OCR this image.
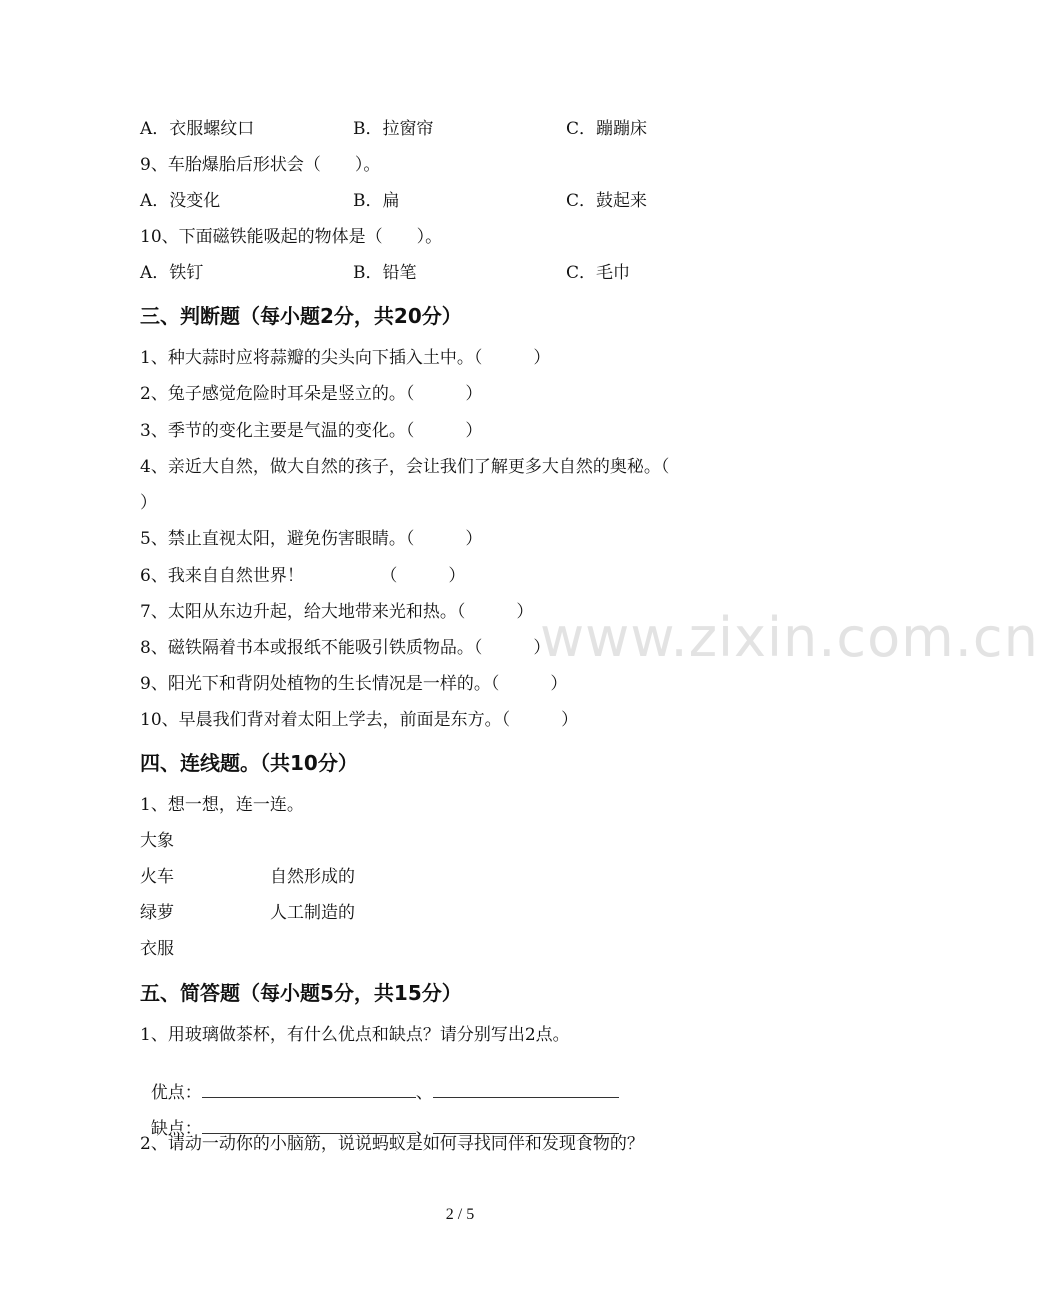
www.zixin.com.cn
A．衣服螺纹口	B．拉窗帘	C．蹦蹦床
9、车胎爆胎后形状会（　　）。
A．没变化	B．扁	C．鼓起来
10、下面磁铁能吸起的物体是（　　）。
A．铁钉	B．铅笔	C．毛巾
三、判断题（每小题2分，共20分）
1、种大蒜时应将蒜瓣的尖头向下插入土中。（　　　）
2、兔子感觉危险时耳朵是竖立的。（　　　）
3、季节的变化主要是气温的变化。（　　　）
4、亲近大自然，做大自然的孩子，会让我们了解更多大自然的奥秘。（
）
5、禁止直视太阳，避免伤害眼睛。（　　　）
6、我来自自然世界！　　　　　（　　　）
7、太阳从东边升起，给大地带来光和热。（　　　）
8、磁铁隔着书本或报纸不能吸引铁质物品。（　　　）
9、阳光下和背阴处植物的生长情况是一样的。（　　　）
10、早晨我们背对着太阳上学去，前面是东方。（　　　）
四、连线题。（共10分）
1、想一想，连一连。
大象
火车
绿萝
衣服
自然形成的
人工制造的
五、简答题（每小题5分，共15分）
1、用玻璃做茶杯，有什么优点和缺点？请分别写出2点。

优点：	、

缺点：	、

2、请动一动你的小脑筋，说说蚂蚁是如何寻找同伴和发现食物的？
2 / 5
